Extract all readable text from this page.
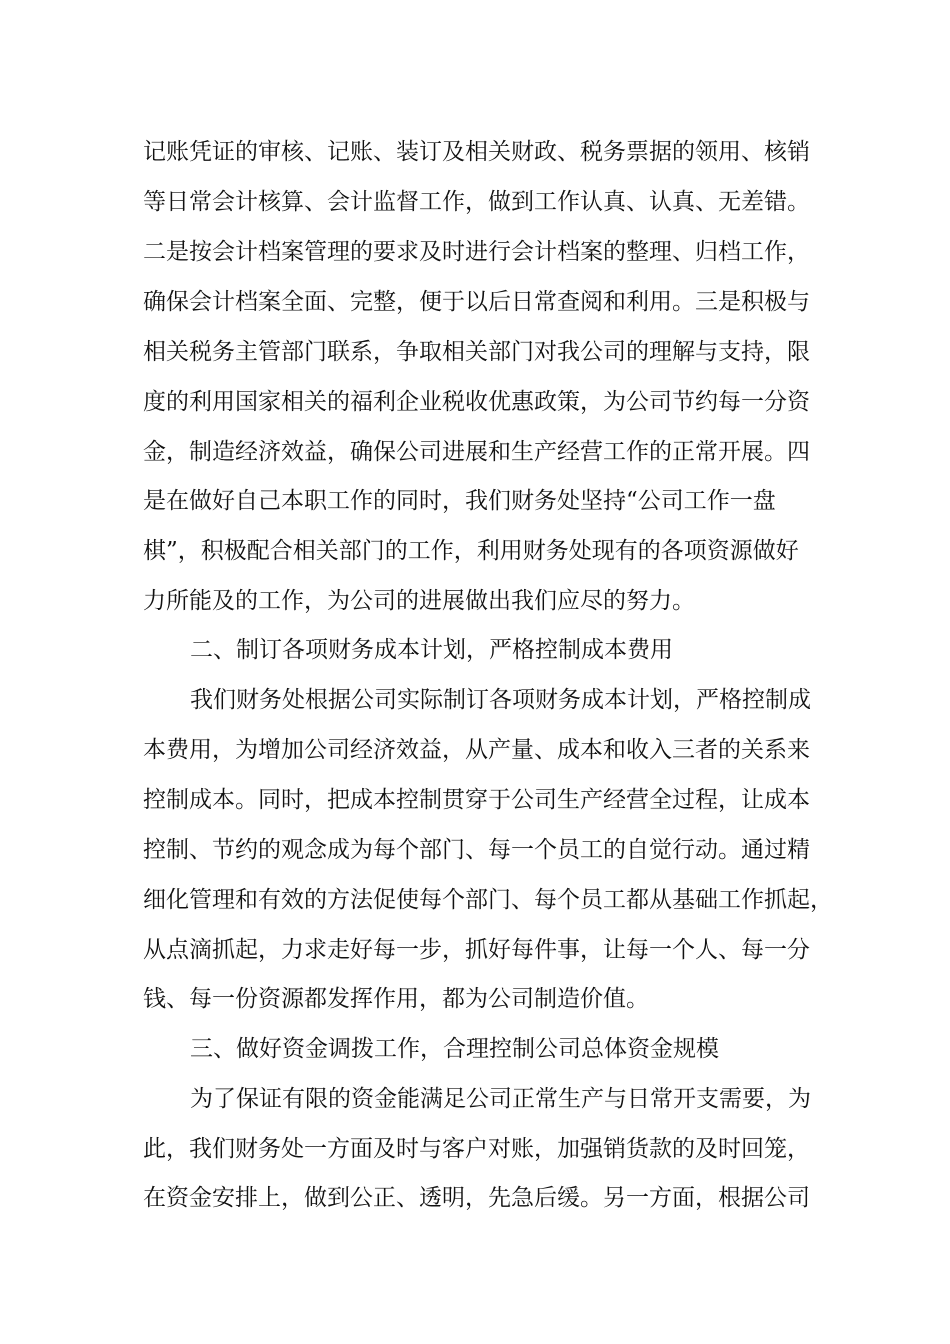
记账凭证的审核、记账、装订及相关财政、税务票据的领用、核销
等日常会计核算、会计监督工作，做到工作认真、认真、无差错。
二是按会计档案管理的要求及时进行会计档案的整理、归档工作，
确保会计档案全面、完整，便于以后日常查阅和利用。三是积极与
相关税务主管部门联系，争取相关部门对我公司的理解与支持，限
度的利用国家相关的福利企业税收优惠政策，为公司节约每一分资
金，制造经济效益，确保公司进展和生产经营工作的正常开展。四
是在做好自己本职工作的同时，我们财务处坚持“公司工作一盘
棋”，积极配合相关部门的工作，利用财务处现有的各项资源做好
力所能及的工作，为公司的进展做出我们应尽的努力。
二、制订各项财务成本计划，严格控制成本费用
我们财务处根据公司实际制订各项财务成本计划，严格控制成
本费用，为增加公司经济效益，从产量、成本和收入三者的关系来
控制成本。同时，把成本控制贯穿于公司生产经营全过程，让成本
控制、节约的观念成为每个部门、每一个员工的自觉行动。通过精
细化管理和有效的方法促使每个部门、每个员工都从基础工作抓起，
从点滴抓起，力求走好每一步，抓好每件事，让每一个人、每一分
钱、每一份资源都发挥作用，都为公司制造价值。
三、做好资金调拨工作，合理控制公司总体资金规模
为了保证有限的资金能满足公司正常生产与日常开支需要，为
此，我们财务处一方面及时与客户对账，加强销货款的及时回笼，
在资金安排上，做到公正、透明，先急后缓。另一方面，根据公司
